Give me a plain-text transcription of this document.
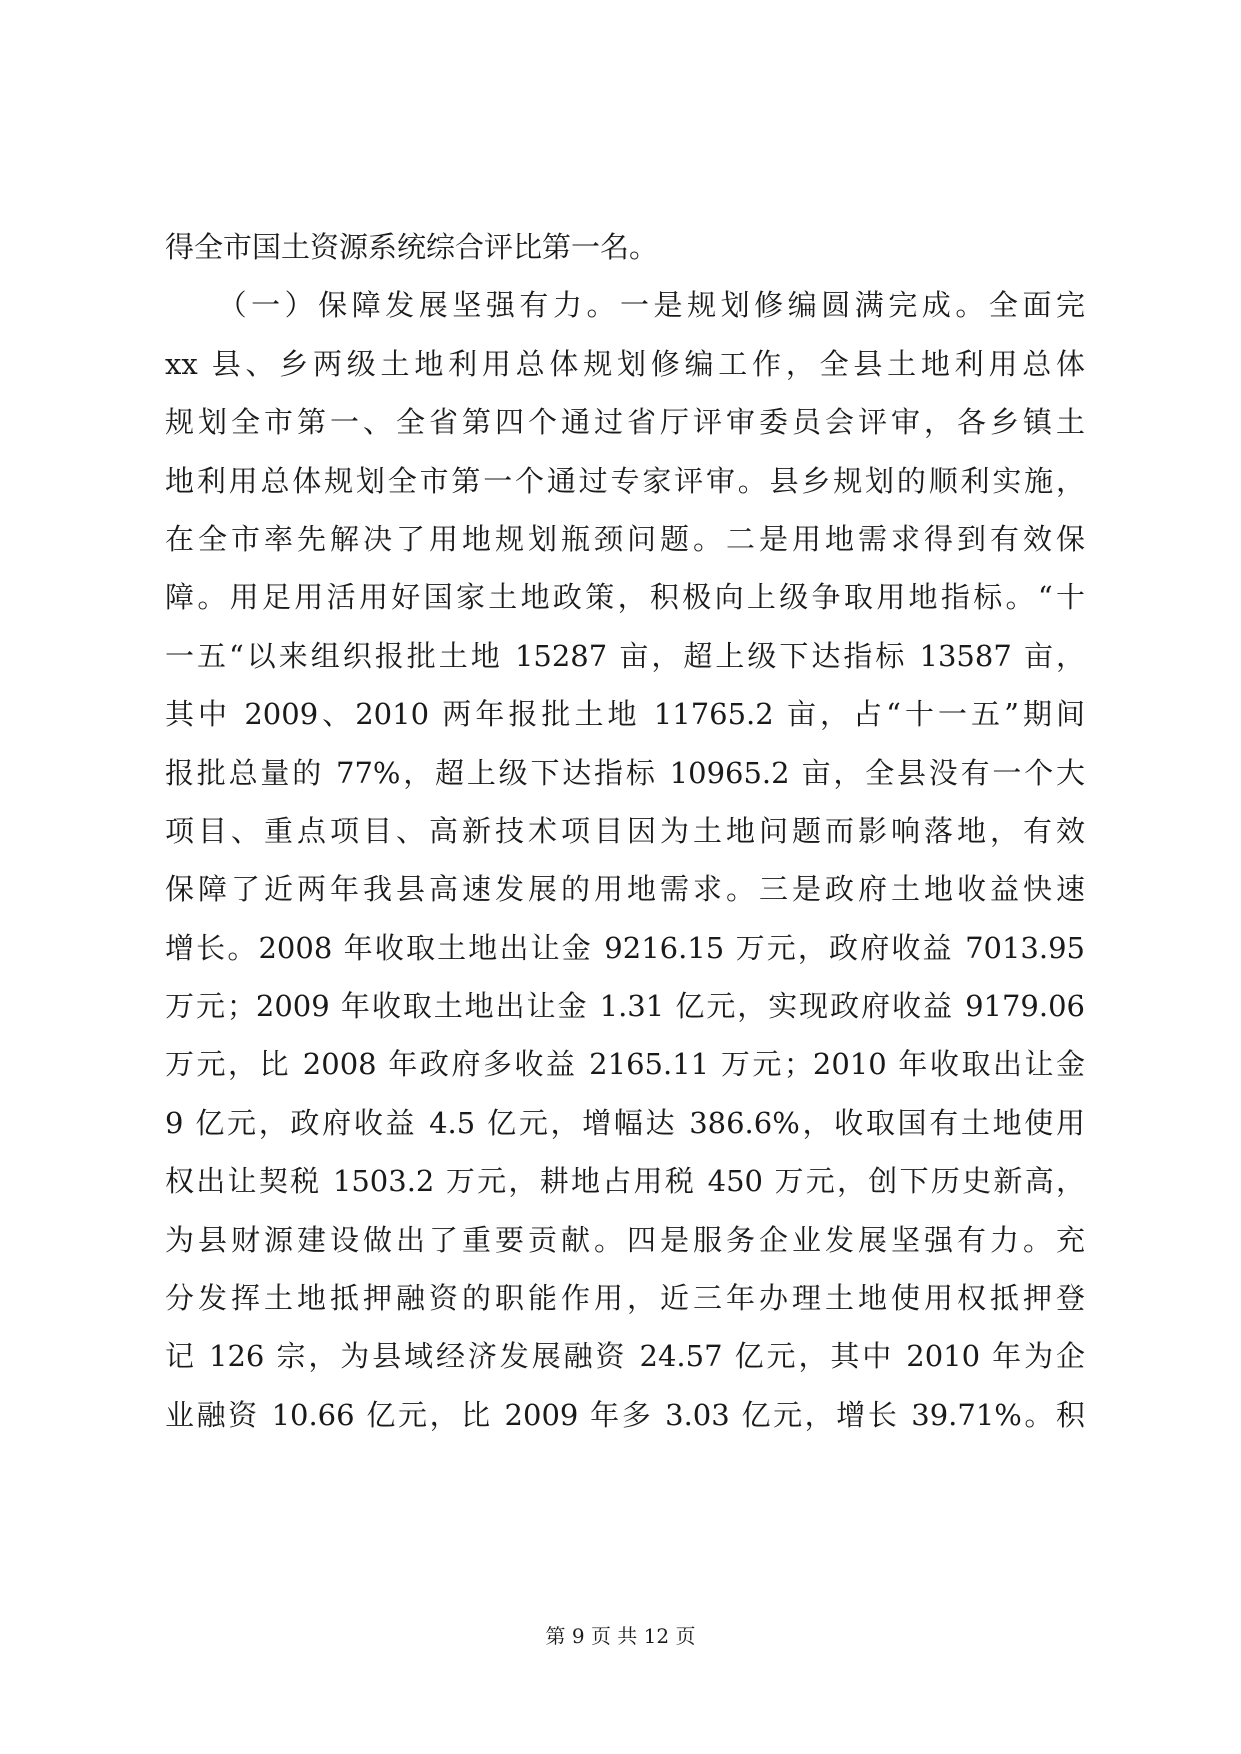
得全市国土资源系统综合评比第一名。
　　（一）保障发展坚强有力。一是规划修编圆满完成。全面完
xx 县、乡两级土地利用总体规划修编工作，全县土地利用总体
规划全市第一、全省第四个通过省厅评审委员会评审，各乡镇土
地利用总体规划全市第一个通过专家评审。县乡规划的顺利实施，
在全市率先解决了用地规划瓶颈问题。二是用地需求得到有效保
障。用足用活用好国家土地政策，积极向上级争取用地指标。“十
一五“以来组织报批土地 15287 亩，超上级下达指标 13587 亩，
其中 2009、2010 两年报批土地 11765.2 亩，占“十一五”期间
报批总量的 77%，超上级下达指标 10965.2 亩，全县没有一个大
项目、重点项目、高新技术项目因为土地问题而影响落地，有效
保障了近两年我县高速发展的用地需求。三是政府土地收益快速
增长。2008 年收取土地出让金 9216.15 万元，政府收益 7013.95
万元；2009 年收取土地出让金 1.31 亿元，实现政府收益 9179.06
万元，比 2008 年政府多收益 2165.11 万元；2010 年收取出让金
9 亿元，政府收益 4.5 亿元，增幅达 386.6%，收取国有土地使用
权出让契税 1503.2 万元，耕地占用税 450 万元，创下历史新高，
为县财源建设做出了重要贡献。四是服务企业发展坚强有力。充
分发挥土地抵押融资的职能作用，近三年办理土地使用权抵押登
记 126 宗，为县域经济发展融资 24.57 亿元，其中 2010 年为企
业融资 10.66 亿元，比 2009 年多 3.03 亿元，增长 39.71%。积
第 9 页 共 12 页
